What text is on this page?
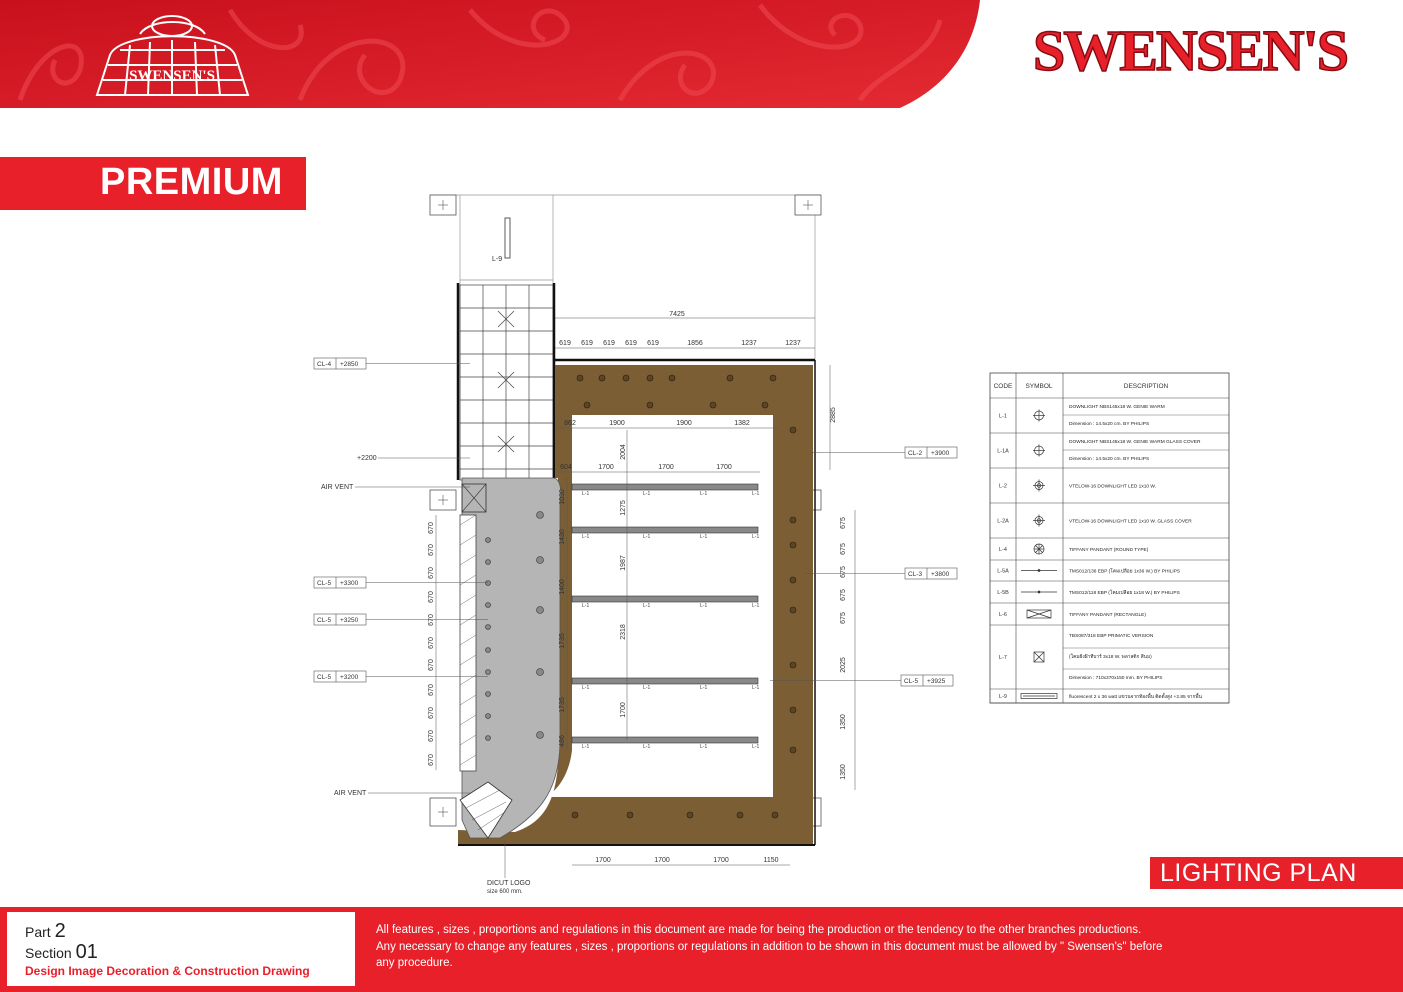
SWENSEN'S	SWENSEN'S
PREMIUM
L-9
L-1	L-1	L-1	L-1
L-1	L-1	L-1	L-1
L-1	L-1	L-1	L-1
L-1	L-1	L-1	L-1
L-1	L-1	L-1	L-1
7425
619 619 619 619 619	1856	1237	1237
862	1900	1900	1382
604	1700	1700	1700
1700	1700	1700	1150
670
670
670
670
670
670
670
670
670
670
670
1030
1430
1400
1735
1735
486
2004
1275
1987
2318
1700
2885
675
675
675
675
675
2025
1350
1350
CL-4 +2850
CL-5 +3300
CL-5 +3250
CL-5 +3200
CL-2 +3900
CL-3 +3800
CL-5 +3925
+2200
AIR VENT
AIR VENT
DICUT LOGO
size 600 mm.
CODE SYMBOL	DESCRIPTION
L-1
DOWNLIGHT NBS145x18 W. GENIE WARM
Dimension : 14.5x20 cm. BY PHILIPS
L-1A
DOWNLIGHT NBS145x18 W. GENIE WARM GLASS COVER
Dimension : 14.5x20 cm. BY PHILIPS
L-2	VTELOW-16 DOWNLIGHT LED 1x10 W.
L-2A	VTELOW-16 DOWNLIGHT LED 1x10 W. GLASS COVER
L-4	TIFFANY PANDANT (ROUND TYPE)
L-5A	TMS012/136 EBP (โคมเปลือย 1x36 W.) BY PHILIPS
L-5B	TMS012/118 EBP (โคมเปลือย 1x18 W.) BY PHILIPS
L-6	TIFFANY PANDANT (RECTANGLE)
L-7
TBS087/318 EBP PRIMATIC VERSION
(โคมฝังฝ้าทีบาร์ 3x18 W. พลาสติก สีนม)
Dimension : 710x370x150 mm. BY PHILIPS
L-9	fluorescent 2 x 36 watt แขวนจากท้องพื้น ติดตั้งสูง +2.85 จากพื้น
LIGHTING PLAN
Part 2
Section 01
Design Image Decoration & Construction Drawing
All features , sizes , proportions and regulations in this document are made for being the production or the tendency to the other branches productions.
Any necessary to change any features , sizes , proportions or regulations in addition to be shown in this document must be allowed by " Swensen's" before
any procedure.
